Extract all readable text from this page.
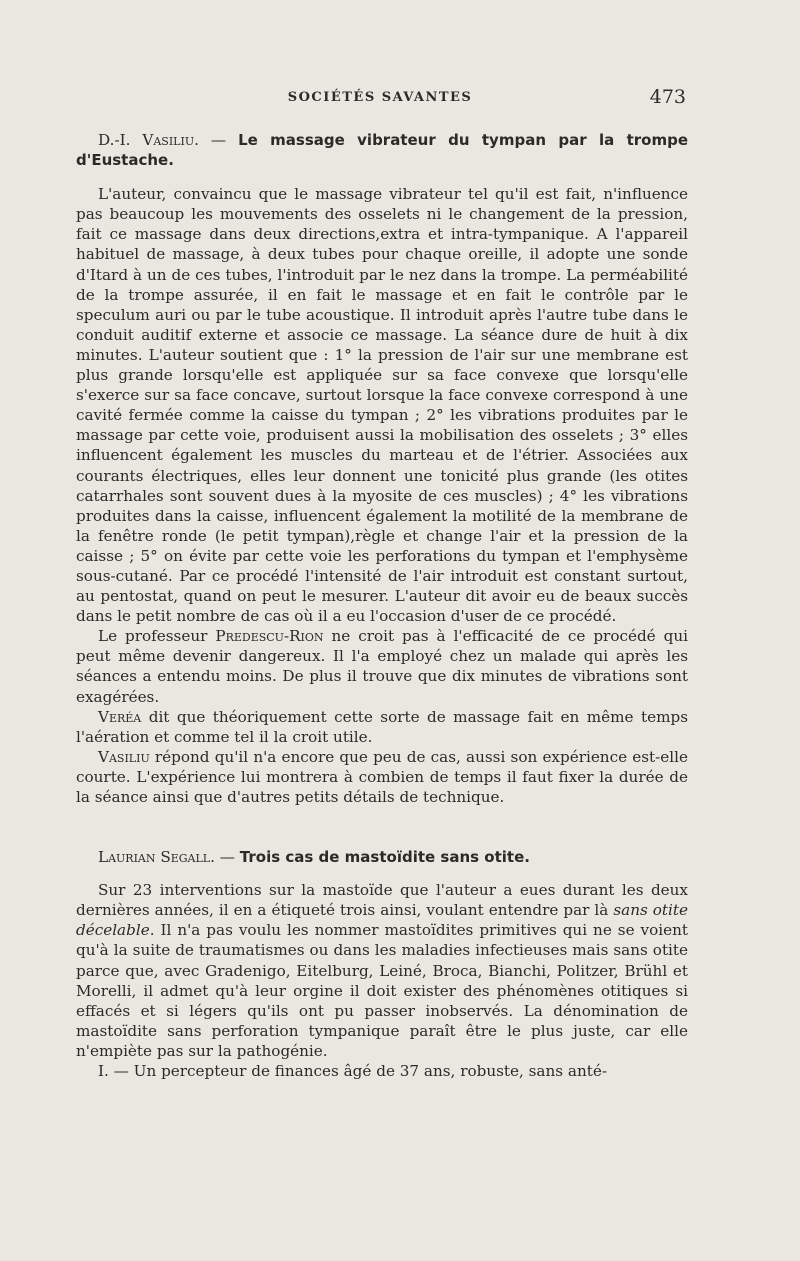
SOCIÉTÉS SAVANTES	473

D.-I. Vasiliu. — Le massage vibrateur du tympan par la trompe d'Eustache.

L'auteur, convaincu que le massage vibrateur tel qu'il est fait, n'influence pas beaucoup les mouvements des osselets ni le changement de la pression, fait ce massage dans deux directions,extra et intra-tympanique. A l'appareil habituel de massage, à deux tubes pour chaque oreille, il adopte une sonde d'Itard à un de ces tubes, l'introduit par le nez dans la trompe. La perméabilité de la trompe assurée, il en fait le massage et en fait le contrôle par le speculum auri ou par le tube acoustique. Il introduit après l'autre tube dans le conduit auditif externe et associe ce massage. La séance dure de huit à dix minutes. L'auteur soutient que : 1° la pression de l'air sur une membrane est plus grande lorsqu'elle est appliquée sur sa face convexe que lorsqu'elle s'exerce sur sa face concave, surtout lorsque la face convexe correspond à une cavité fermée comme la caisse du tympan ; 2° les vibrations produites par le massage par cette voie, produisent aussi la mobilisation des osselets ; 3° elles influencent également les muscles du marteau et de l'étrier. Associées aux courants électriques, elles leur donnent une tonicité plus grande (les otites catarrhales sont souvent dues à la myosite de ces muscles) ; 4° les vibrations produites dans la caisse, influencent également la motilité de la membrane de la fenêtre ronde (le petit tympan),règle et change l'air et la pression de la caisse ; 5° on évite par cette voie les perforations du tympan et l'emphysème sous-cutané. Par ce procédé l'intensité de l'air introduit est constant surtout, au pentostat, quand on peut le mesurer. L'auteur dit avoir eu de beaux succès dans le petit nombre de cas où il a eu l'occasion d'user de ce procédé.

Le professeur Predescu-Rion ne croit pas à l'efficacité de ce procédé qui peut même devenir dangereux. Il l'a employé chez un malade qui après les séances a entendu moins. De plus il trouve que dix minutes de vibrations sont exagérées.

Veréa dit que théoriquement cette sorte de massage fait en même temps l'aération et comme tel il la croit utile.

Vasiliu répond qu'il n'a encore que peu de cas, aussi son expérience est-elle courte. L'expérience lui montrera à combien de temps il faut fixer la durée de la séance ainsi que d'autres petits détails de technique.

Laurian Segall. — Trois cas de mastoïdite sans otite.

Sur 23 interventions sur la mastoïde que l'auteur a eues durant les deux dernières années, il en a étiqueté trois ainsi, voulant entendre par là sans otite décelable. Il n'a pas voulu les nommer mastoïdites primitives qui ne se voient qu'à la suite de traumatismes ou dans les maladies infectieuses mais sans otite parce que, avec Gradenigo, Eitelburg, Leiné, Broca, Bianchi, Politzer, Brühl et Morelli, il admet qu'à leur orgine il doit exister des phénomènes otitiques si effacés et si légers qu'ils ont pu passer inobservés. La dénomination de mastoïdite sans perforation tympanique paraît être le plus juste, car elle n'empiète pas sur la pathogénie.

I. — Un percepteur de finances âgé de 37 ans, robuste, sans anté-
